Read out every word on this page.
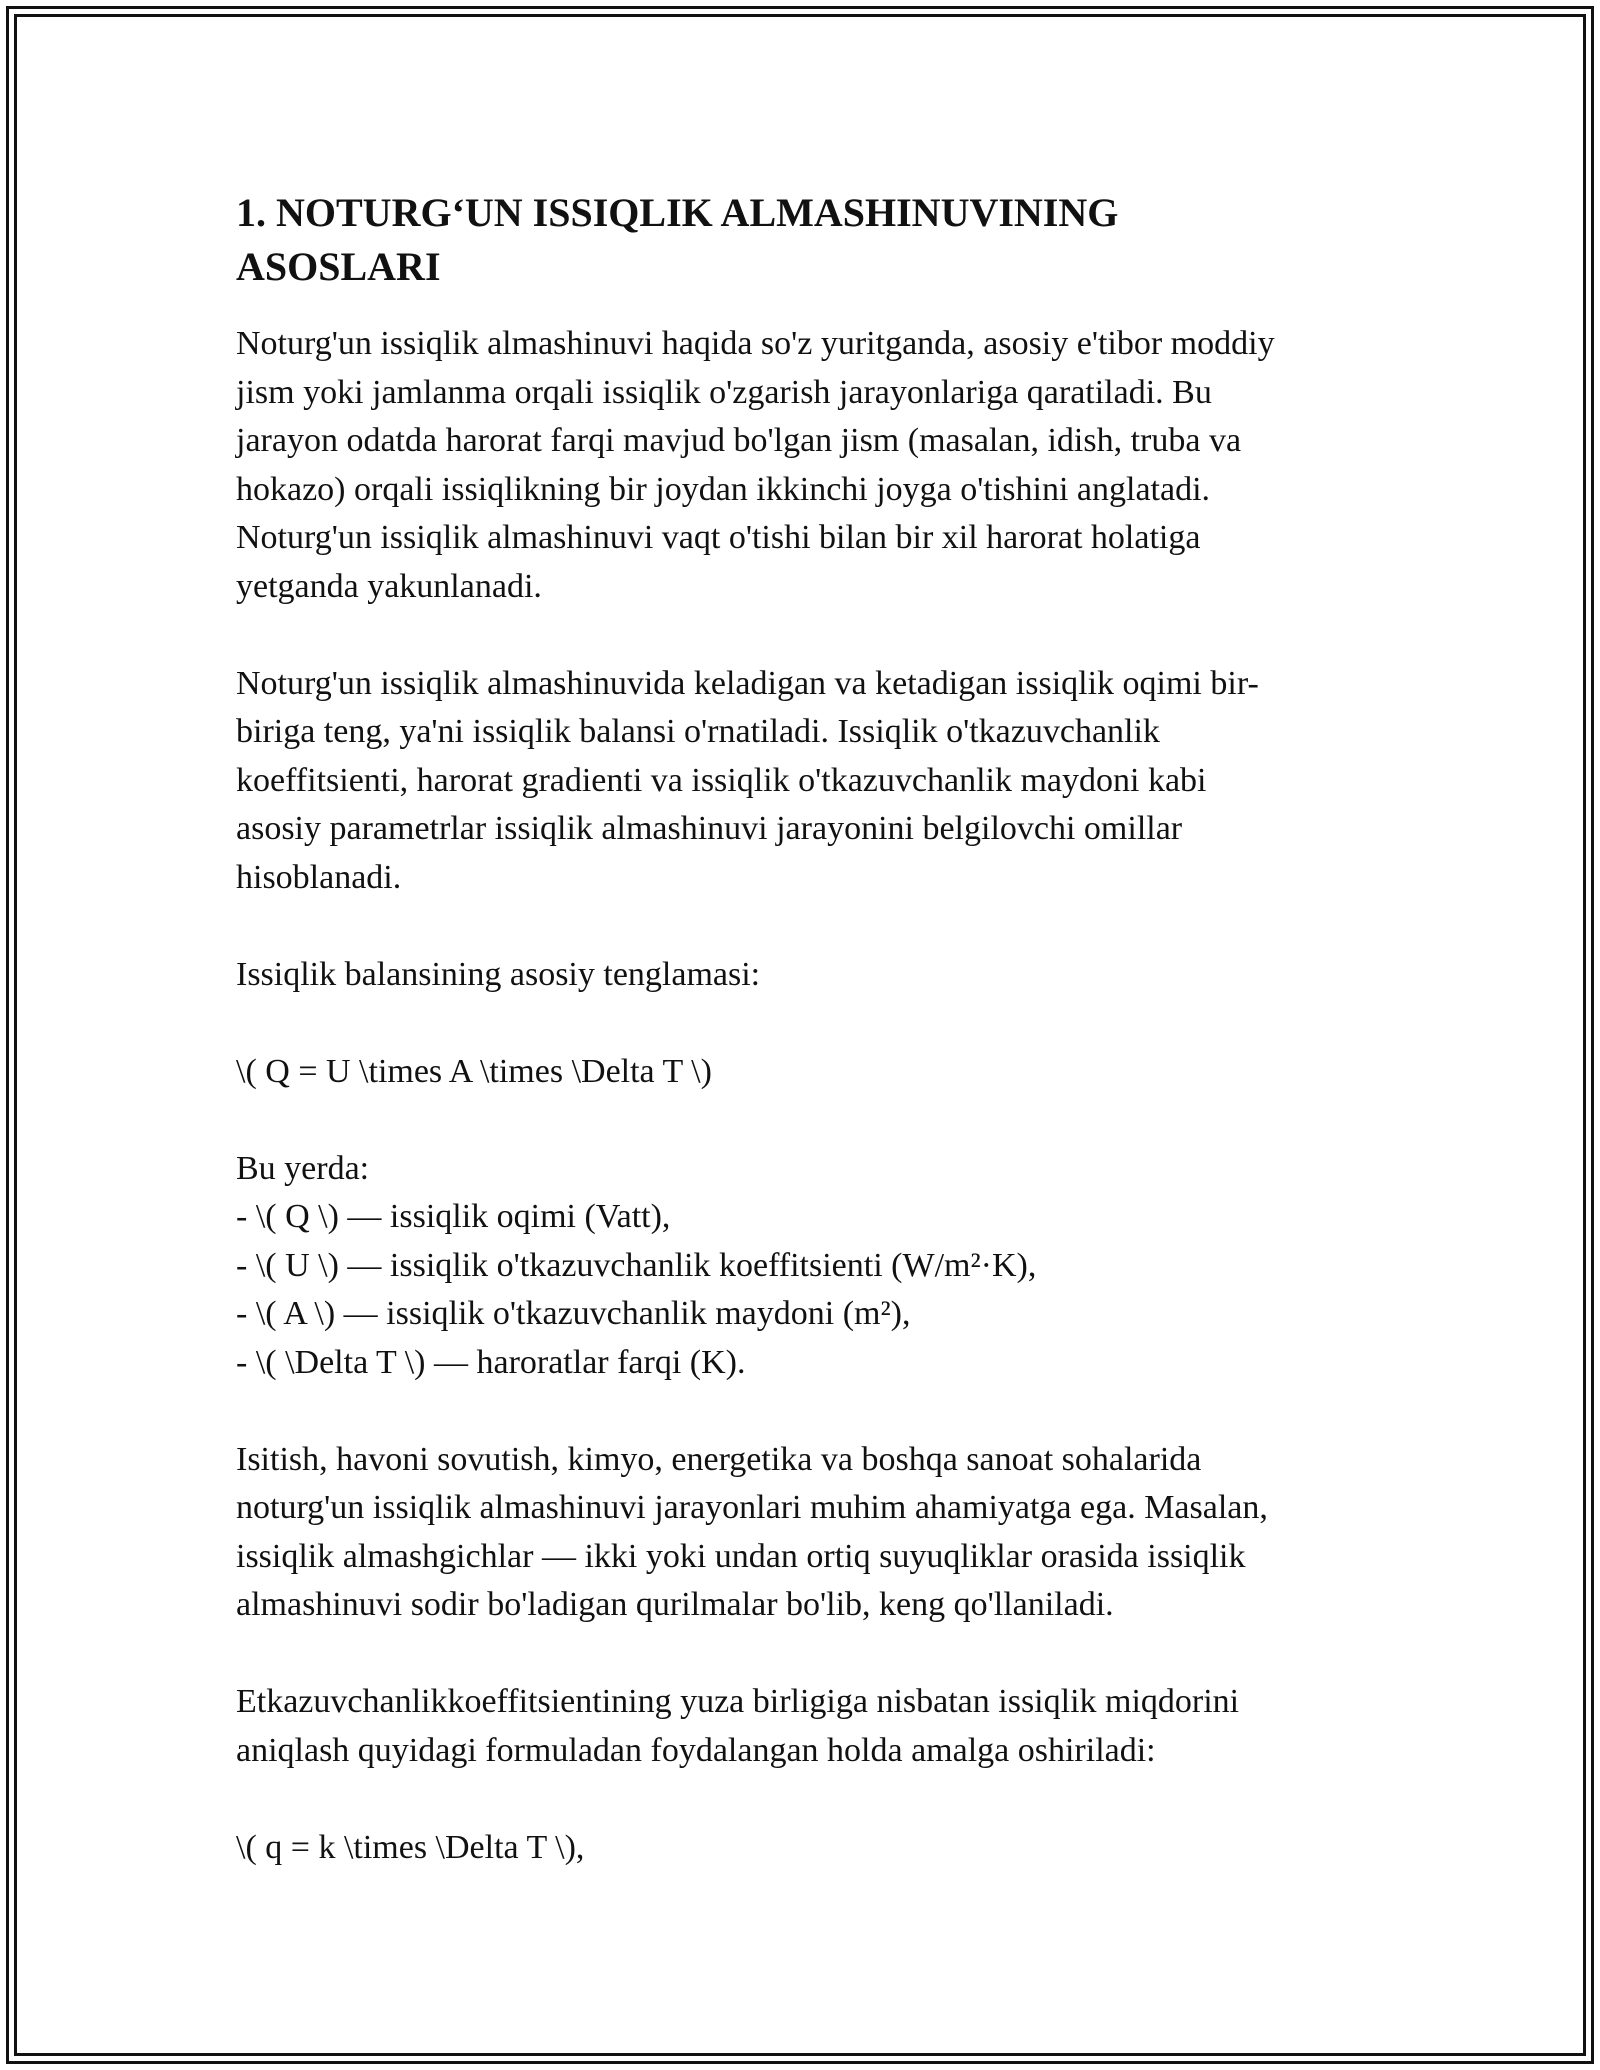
1. NOTURG‘UN ISSIQLIK ALMASHINUVINING
ASOSLARI
Noturg'un issiqlik almashinuvi haqida so'z yuritganda, asosiy e'tibor moddiy
jism yoki jamlanma orqali issiqlik o'zgarish jarayonlariga qaratiladi. Bu
jarayon odatda harorat farqi mavjud bo'lgan jism (masalan, idish, truba va
hokazo) orqali issiqlikning bir joydan ikkinchi joyga o'tishini anglatadi.
Noturg'un issiqlik almashinuvi vaqt o'tishi bilan bir xil harorat holatiga
yetganda yakunlanadi.
Noturg'un issiqlik almashinuvida keladigan va ketadigan issiqlik oqimi bir-
biriga teng, ya'ni issiqlik balansi o'rnatiladi. Issiqlik o'tkazuvchanlik
koeffitsienti, harorat gradienti va issiqlik o'tkazuvchanlik maydoni kabi
asosiy parametrlar issiqlik almashinuvi jarayonini belgilovchi omillar
hisoblanadi.
Issiqlik balansining asosiy tenglamasi:
\( Q = U \times A \times \Delta T \)
Bu yerda:
- \( Q \) — issiqlik oqimi (Vatt),
- \( U \) — issiqlik o'tkazuvchanlik koeffitsienti (W/m²·K),
- \( A \) — issiqlik o'tkazuvchanlik maydoni (m²),
- \( \Delta T \) — haroratlar farqi (K).
Isitish, havoni sovutish, kimyo, energetika va boshqa sanoat sohalarida
noturg'un issiqlik almashinuvi jarayonlari muhim ahamiyatga ega. Masalan,
issiqlik almashgichlar — ikki yoki undan ortiq suyuqliklar orasida issiqlik
almashinuvi sodir bo'ladigan qurilmalar bo'lib, keng qo'llaniladi.
Etkazuvchanlikkoeffitsientining yuza birligiga nisbatan issiqlik miqdorini
aniqlash quyidagi formuladan foydalangan holda amalga oshiriladi:
\( q = k \times \Delta T \),
